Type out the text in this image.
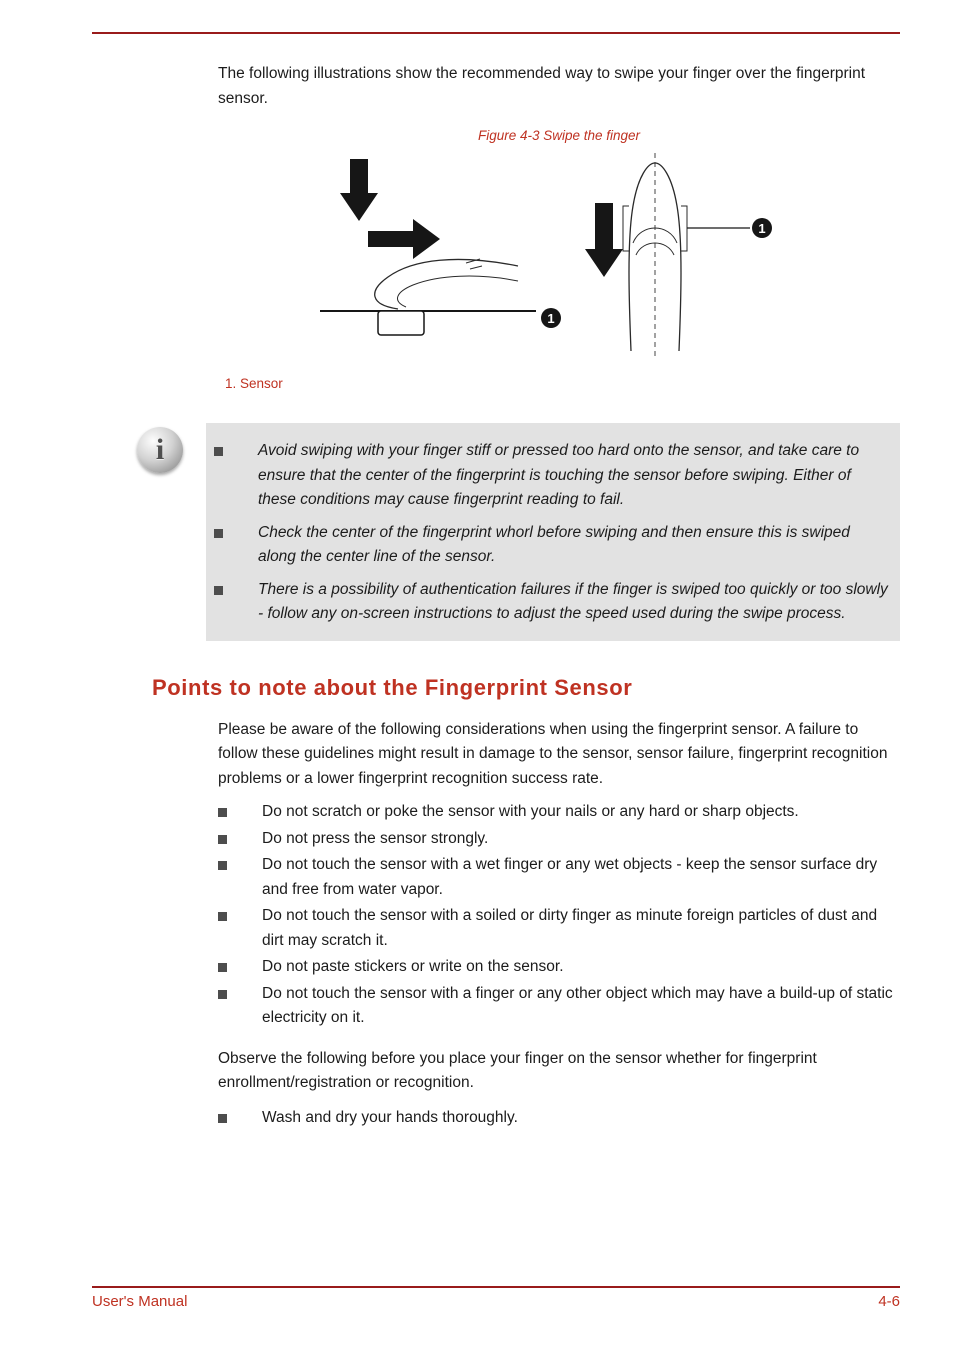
The following illustrations show the recommended way to swipe your finger over the fingerprint sensor.

Figure 4-3 Swipe the finger

1
1

1. Sensor

i	Avoid swiping with your finger stiff or pressed too hard onto the sensor, and take care to ensure that the center of the fingerprint is touching the sensor before swiping. Either of these conditions may cause fingerprint reading to fail.

Check the center of the fingerprint whorl before swiping and then ensure this is swiped along the center line of the sensor.

There is a possibility of authentication failures if the finger is swiped too quickly or too slowly - follow any on-screen instructions to adjust the speed used during the swipe process.

Points to note about the Fingerprint Sensor

Please be aware of the following considerations when using the fingerprint sensor. A failure to follow these guidelines might result in damage to the sensor, sensor failure, fingerprint recognition problems or a lower fingerprint recognition success rate.

Do not scratch or poke the sensor with your nails or any hard or sharp objects.

Do not press the sensor strongly.

Do not touch the sensor with a wet finger or any wet objects - keep the sensor surface dry and free from water vapor.

Do not touch the sensor with a soiled or dirty finger as minute foreign particles of dust and dirt may scratch it.

Do not paste stickers or write on the sensor.

Do not touch the sensor with a finger or any other object which may have a build-up of static electricity on it.

Observe the following before you place your finger on the sensor whether for fingerprint enrollment/registration or recognition.

Wash and dry your hands thoroughly.

User's Manual	4-6
